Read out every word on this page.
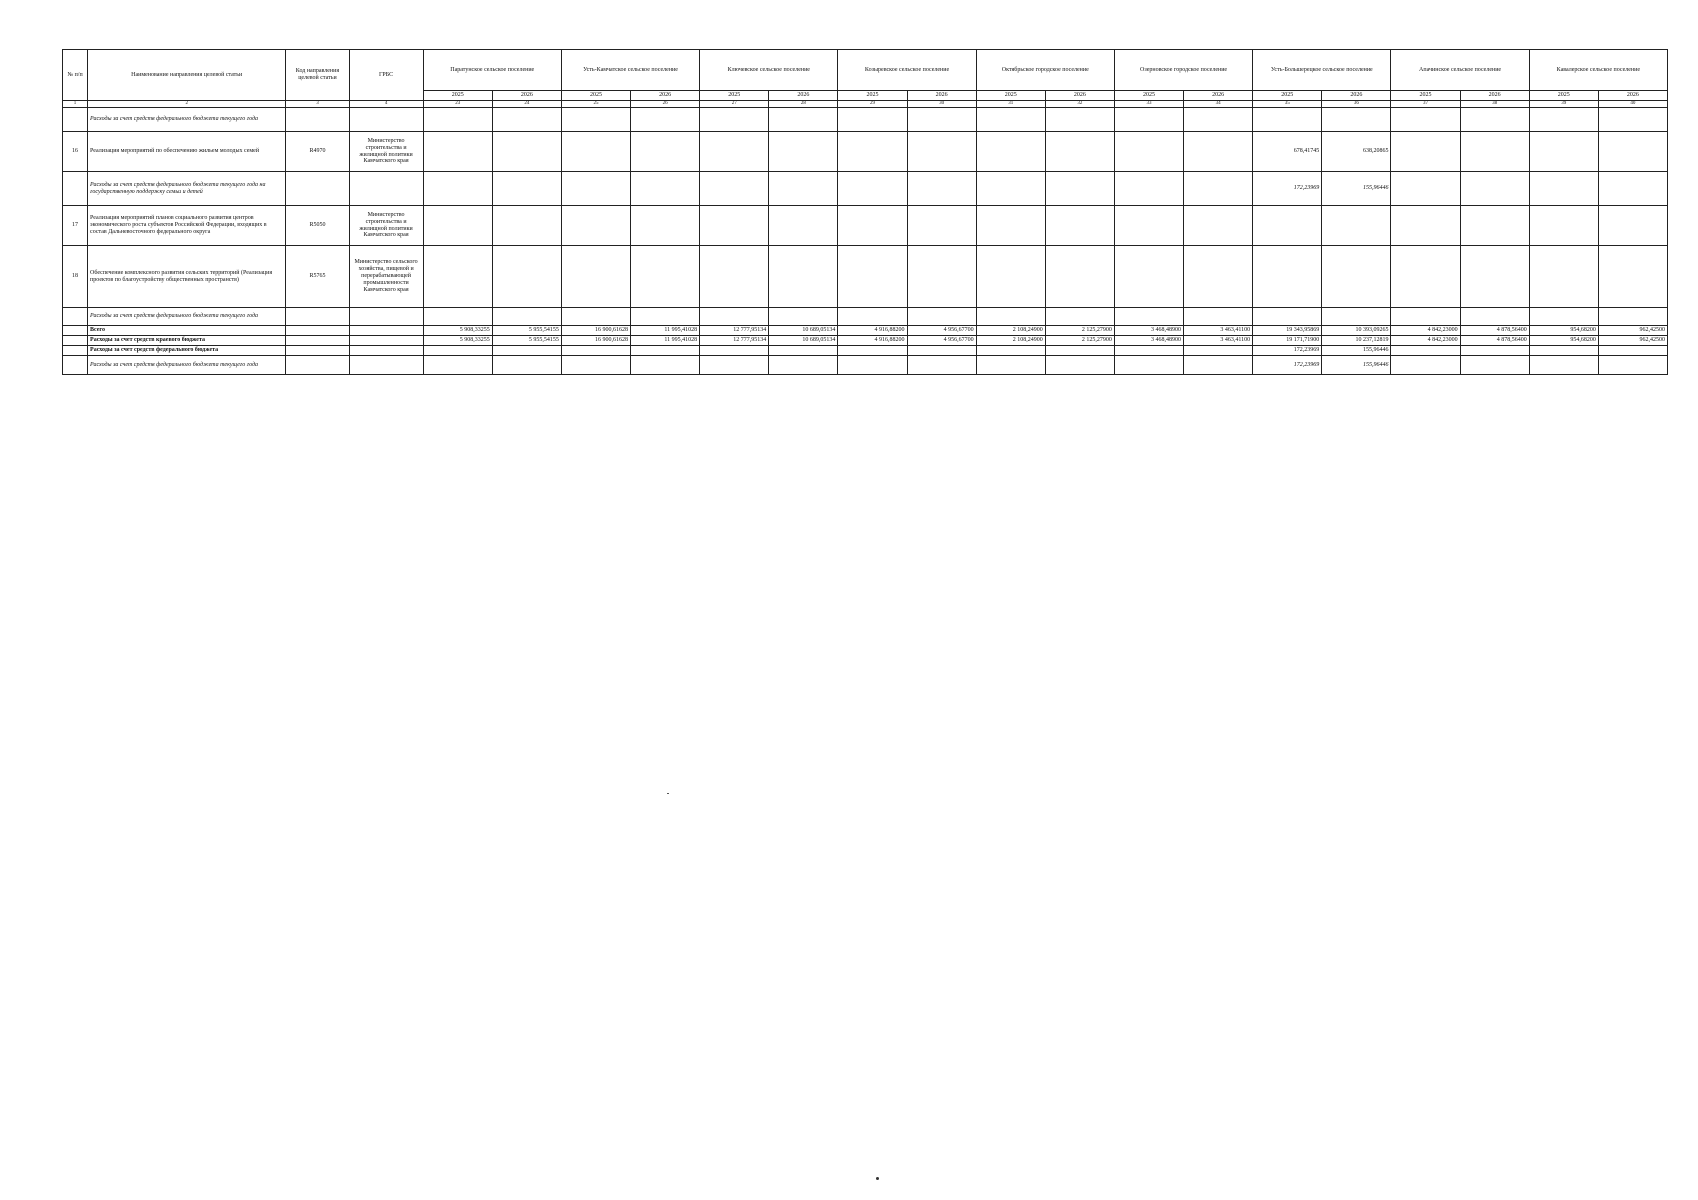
№ п/п	Наименование направления целевой статьи	Код направления целевой статьи	ГРБС	Паратунское сельское поселение		Усть-Камчатское сельское поселение		Ключевское сельское поселение		Козыревское сельское поселение		Октябрьское городское поселение		Озерновское городское поселение		Усть-Большерецкое сельское поселение		Апачинское сельское поселение		Кавалерское сельское поселение	
				2025	2026	2025	2026	2025	2026	2025	2026	2025	2026	2025	2026	2025	2026	2025	2026	2025	2026
1	2	3	4	23	24	25	26	27	28	29	30	31	32	33	34	35	36	37	38	39	40
	Расходы за счет средств федерального бюджета текущего года																				
16	Реализация мероприятий по обеспечению жильем молодых семей	R4970	Министерство строительства и жилищной политики Камчатского края													678,41745	638,20865				
	Расходы за счет средств федерального бюджета текущего года на государственную поддержку семьи и детей															172,23969	155,96446				
17	Реализация мероприятий планов социального развития центров экономического роста субъектов Российской Федерации, входящих в состав Дальневосточного федерального округа	R5050	Министерство строительства и жилищной политики Камчатского края																		
18	Обеспечение комплексного развития сельских территорий (Реализация проектов по благоустройству общественных пространств)	R5765	Министерство сельского хозяйства, пищевой и перерабатывающей промышленности Камчатского края																		
	Расходы за счет средств федерального бюджета текущего года																				
	Всего			5 908,33255	5 955,54155	16 900,61628	11 995,41028	12 777,95134	10 689,05134	4 916,88200	4 956,67700	2 108,24900	2 125,27900	3 468,48900	3 463,41100	19 343,95869	10 393,09265	4 842,23000	4 878,56400	954,68200	962,42500
	Расходы за счет средств краевого бюджета			5 908,33255	5 955,54155	16 900,61628	11 995,41028	12 777,95134	10 689,05134	4 916,88200	4 956,67700	2 108,24900	2 125,27900	3 468,48900	3 463,41100	19 171,71900	10 237,12819	4 842,23000	4 878,56400	954,68200	962,42500
	Расходы за счет средств федерального бюджета															172,23969	155,96446				
	Расходы за счет средств федерального бюджета текущего года															172,23969	155,96446				
